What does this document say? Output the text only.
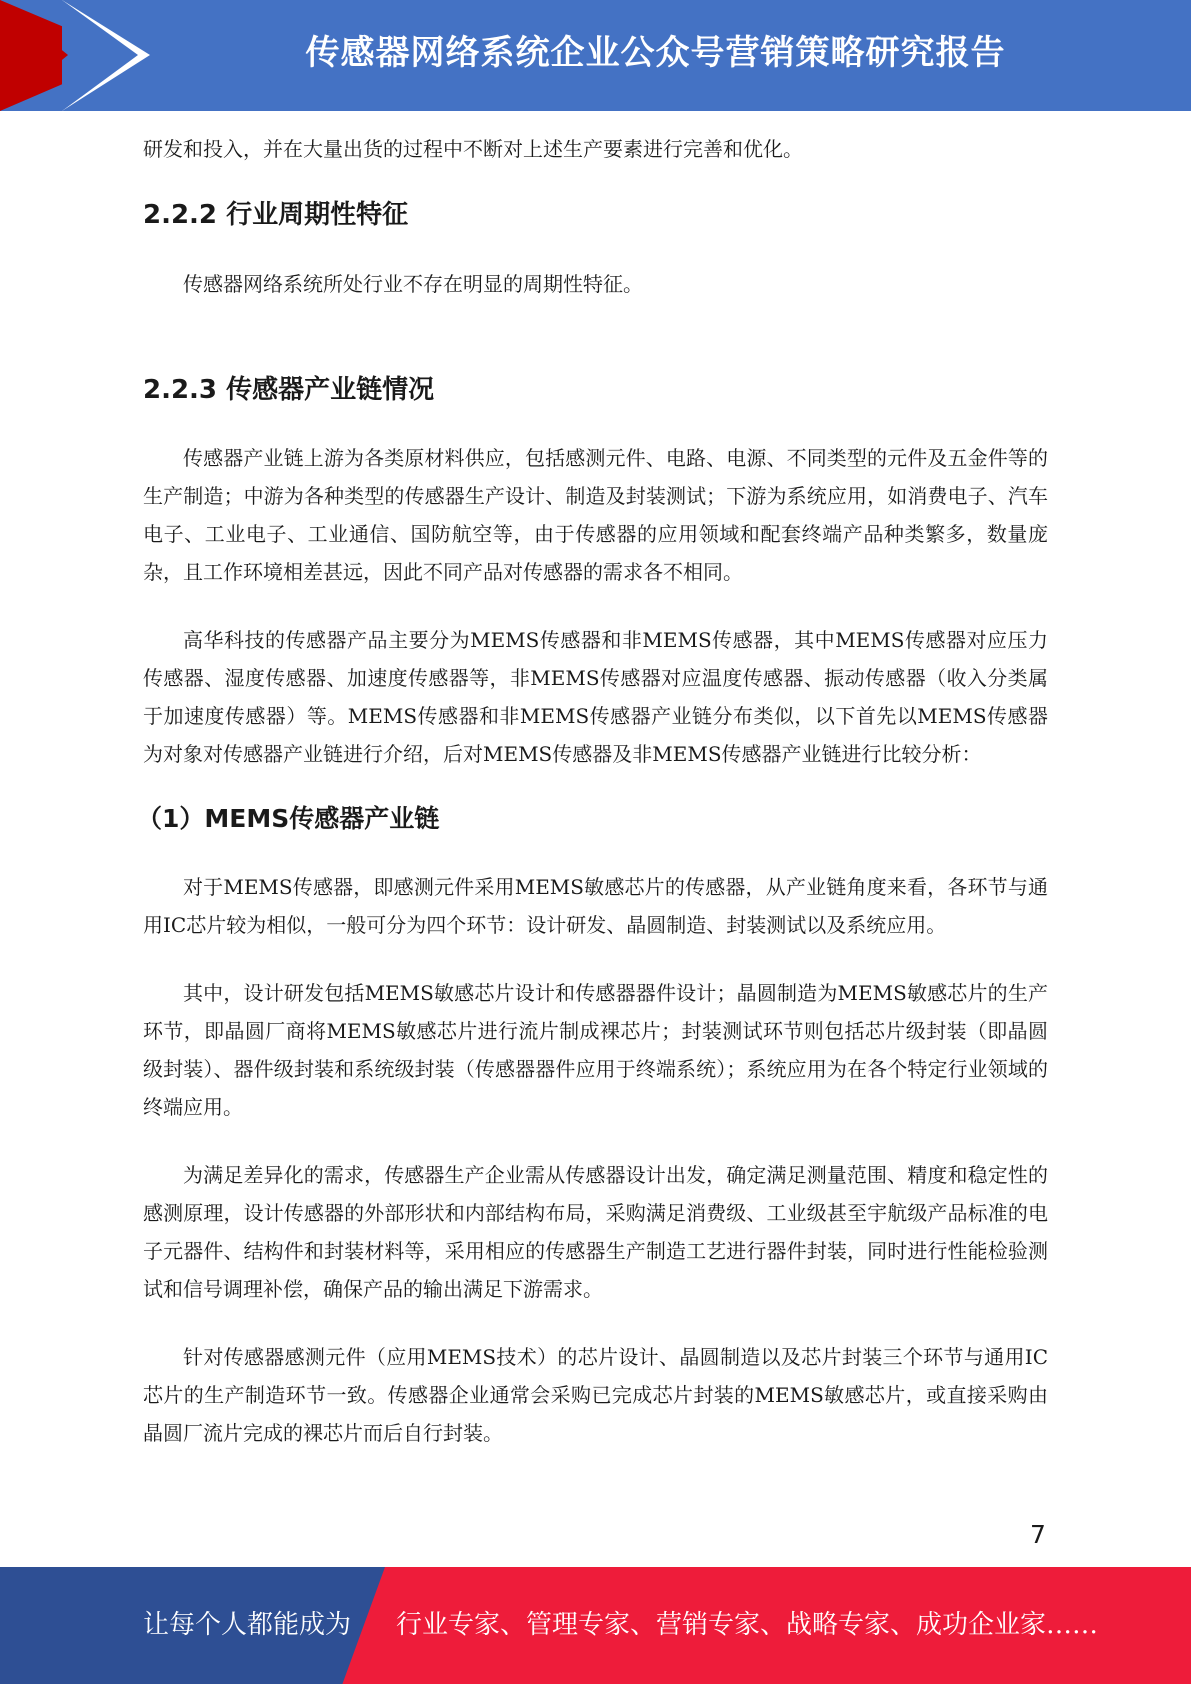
传感器网络系统企业公众号营销策略研究报告

研发和投入，并在大量出货的过程中不断对上述生产要素进行完善和优化。

2.2.2 行业周期性特征

传感器网络系统所处行业不存在明显的周期性特征。

2.2.3 传感器产业链情况

传感器产业链上游为各类原材料供应，包括感测元件、电路、电源、不同类型的元件及五金件等的生产制造；中游为各种类型的传感器生产设计、制造及封装测试；下游为系统应用，如消费电子、汽车电子、工业电子、工业通信、国防航空等，由于传感器的应用领域和配套终端产品种类繁多，数量庞杂，且工作环境相差甚远，因此不同产品对传感器的需求各不相同。

高华科技的传感器产品主要分为MEMS传感器和非MEMS传感器，其中MEMS传感器对应压力传感器、湿度传感器、加速度传感器等，非MEMS传感器对应温度传感器、振动传感器（收入分类属于加速度传感器）等。MEMS传感器和非MEMS传感器产业链分布类似，以下首先以MEMS传感器为对象对传感器产业链进行介绍，后对MEMS传感器及非MEMS传感器产业链进行比较分析：

（1）MEMS传感器产业链

对于MEMS传感器，即感测元件采用MEMS敏感芯片的传感器，从产业链角度来看，各环节与通用IC芯片较为相似，一般可分为四个环节：设计研发、晶圆制造、封装测试以及系统应用。

其中，设计研发包括MEMS敏感芯片设计和传感器器件设计；晶圆制造为MEMS敏感芯片的生产环节，即晶圆厂商将MEMS敏感芯片进行流片制成裸芯片；封装测试环节则包括芯片级封装（即晶圆级封装）、器件级封装和系统级封装（传感器器件应用于终端系统）；系统应用为在各个特定行业领域的终端应用。

为满足差异化的需求，传感器生产企业需从传感器设计出发，确定满足测量范围、精度和稳定性的感测原理，设计传感器的外部形状和内部结构布局，采购满足消费级、工业级甚至宇航级产品标准的电子元器件、结构件和封装材料等，采用相应的传感器生产制造工艺进行器件封装，同时进行性能检验测试和信号调理补偿，确保产品的输出满足下游需求。

针对传感器感测元件（应用MEMS技术）的芯片设计、晶圆制造以及芯片封装三个环节与通用IC芯片的生产制造环节一致。传感器企业通常会采购已完成芯片封装的MEMS敏感芯片，或直接采购由晶圆厂流片完成的裸芯片而后自行封装。

7
让每个人都能成为 行业专家、管理专家、营销专家、战略专家、成功企业家……
